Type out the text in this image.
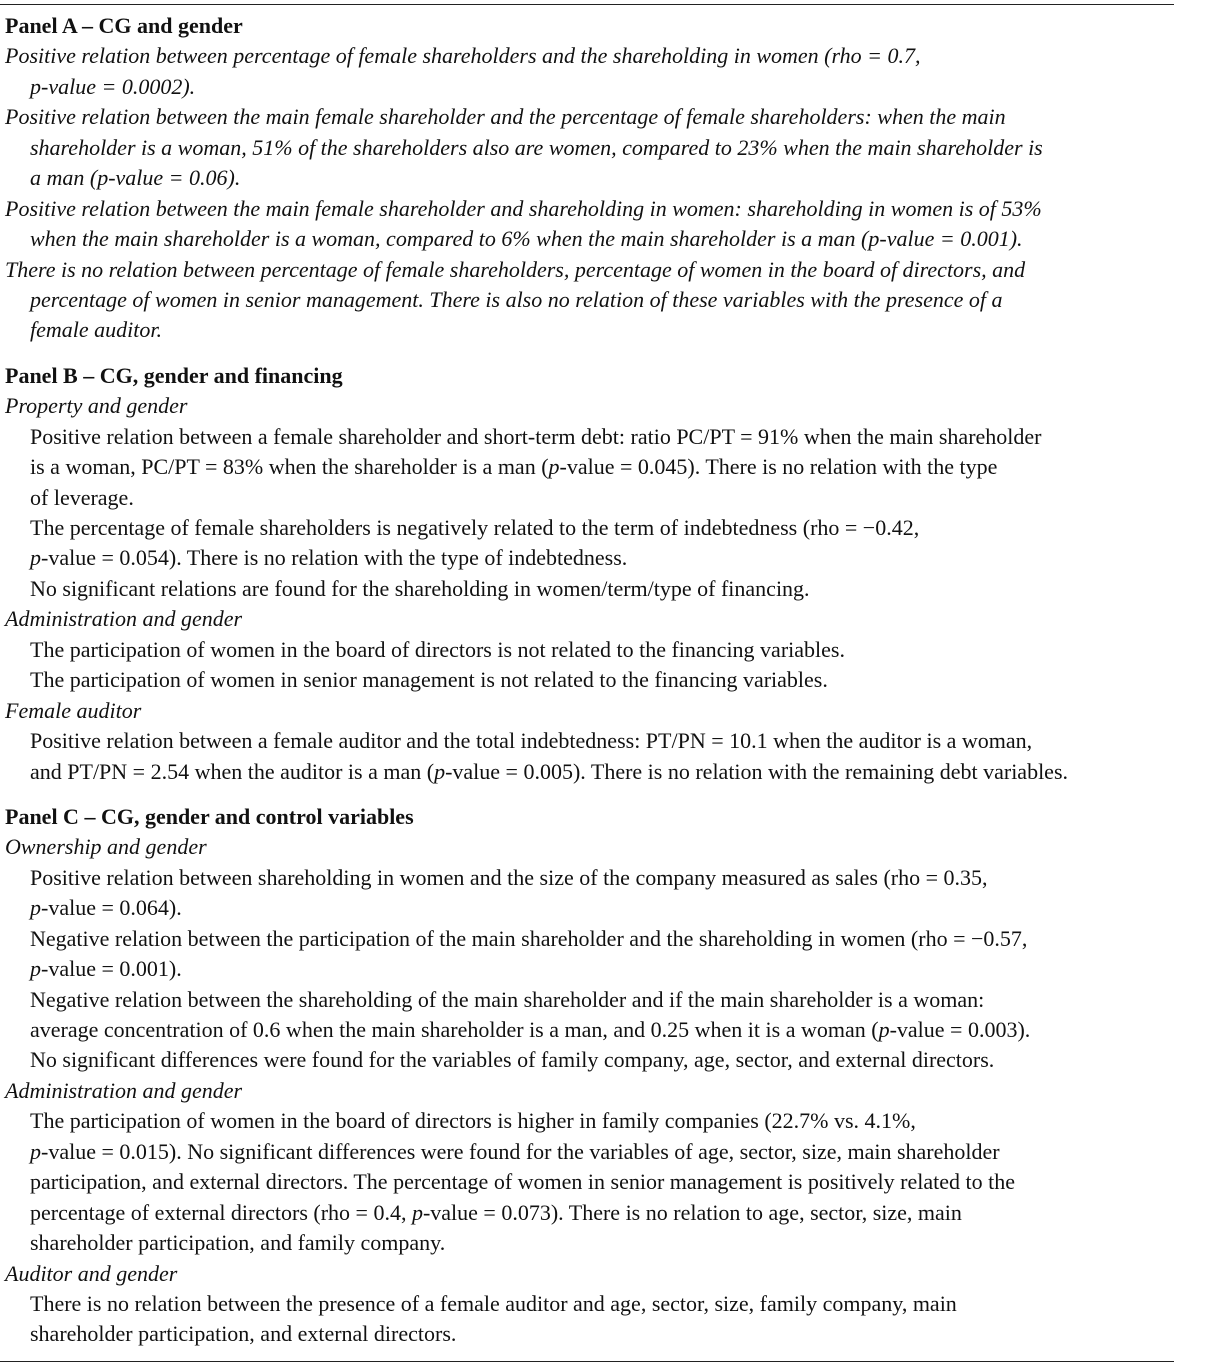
Panel A – CG and gender
Positive relation between percentage of female shareholders and the shareholding in women (rho = 0.7,
p-value = 0.0002).
Positive relation between the main female shareholder and the percentage of female shareholders: when the main
shareholder is a woman, 51% of the shareholders also are women, compared to 23% when the main shareholder is
a man (p-value = 0.06).
Positive relation between the main female shareholder and shareholding in women: shareholding in women is of 53%
when the main shareholder is a woman, compared to 6% when the main shareholder is a man (p-value = 0.001).
There is no relation between percentage of female shareholders, percentage of women in the board of directors, and
percentage of women in senior management. There is also no relation of these variables with the presence of a
female auditor.
Panel B – CG, gender and financing
Property and gender
Positive relation between a female shareholder and short-term debt: ratio PC/PT = 91% when the main shareholder
is a woman, PC/PT = 83% when the shareholder is a man (p-value = 0.045). There is no relation with the type
of leverage.
The percentage of female shareholders is negatively related to the term of indebtedness (rho = −0.42,
p-value = 0.054). There is no relation with the type of indebtedness.
No significant relations are found for the shareholding in women/term/type of financing.
Administration and gender
The participation of women in the board of directors is not related to the financing variables.
The participation of women in senior management is not related to the financing variables.
Female auditor
Positive relation between a female auditor and the total indebtedness: PT/PN = 10.1 when the auditor is a woman,
and PT/PN = 2.54 when the auditor is a man (p-value = 0.005). There is no relation with the remaining debt variables.
Panel C – CG, gender and control variables
Ownership and gender
Positive relation between shareholding in women and the size of the company measured as sales (rho = 0.35,
p-value = 0.064).
Negative relation between the participation of the main shareholder and the shareholding in women (rho = −0.57,
p-value = 0.001).
Negative relation between the shareholding of the main shareholder and if the main shareholder is a woman:
average concentration of 0.6 when the main shareholder is a man, and 0.25 when it is a woman (p-value = 0.003).
No significant differences were found for the variables of family company, age, sector, and external directors.
Administration and gender
The participation of women in the board of directors is higher in family companies (22.7% vs. 4.1%,
p-value = 0.015). No significant differences were found for the variables of age, sector, size, main shareholder
participation, and external directors. The percentage of women in senior management is positively related to the
percentage of external directors (rho = 0.4, p-value = 0.073). There is no relation to age, sector, size, main
shareholder participation, and family company.
Auditor and gender
There is no relation between the presence of a female auditor and age, sector, size, family company, main
shareholder participation, and external directors.
